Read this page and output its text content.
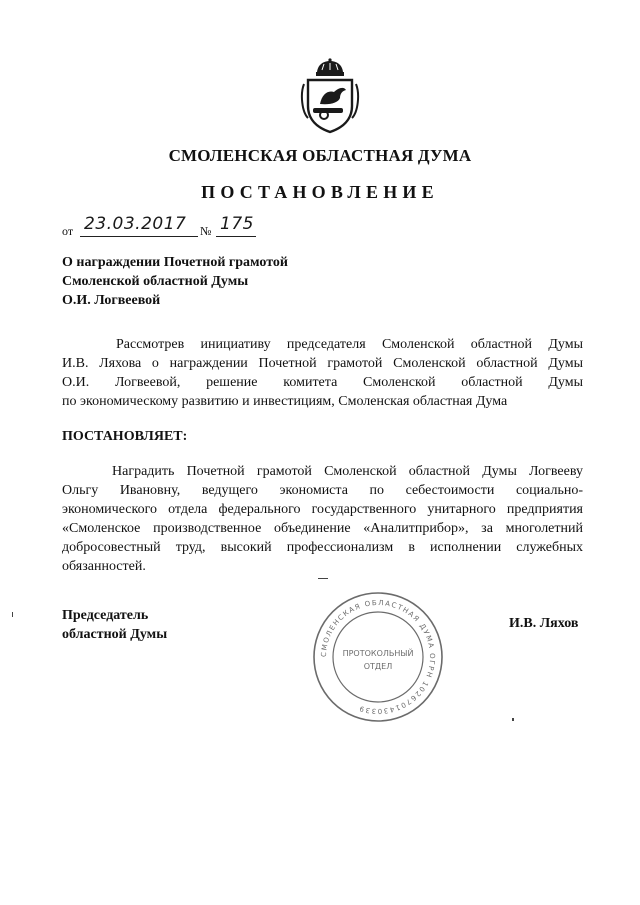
СМОЛЕНСКАЯ ОБЛАСТНАЯ ДУМА
ПОСТАНОВЛЕНИЕ
от 23.03.2017 № 175
О награждении Почетной грамотой
Смоленской областной Думы
О.И. Логвеевой
Рассмотрев инициативу председателя Смоленской областной Думы
И.В. Ляхова о награждении Почетной грамотой Смоленской областной Думы
О.И. Логвеевой, решение комитета Смоленской областной Думы
по экономическому развитию и инвестициям, Смоленская областная Дума
ПОСТАНОВЛЯЕТ:
Наградить Почетной грамотой Смоленской областной Думы Логвееву
Ольгу Ивановну, ведущего экономиста по себестоимости социально-
экономического отдела федерального государственного унитарного предприятия
«Смоленское производственное объединение «Аналитприбор», за многолетний
добросовестный труд, высокий профессионализм в исполнении служебных
обязанностей.
Председатель
областной Думы
И.В. Ляхов
СМОЛЕНСКАЯ ОБЛАСТНАЯ ДУМА ОГРН 1026701430339
ПРОТОКОЛЬНЫЙ
ОТДЕЛ
